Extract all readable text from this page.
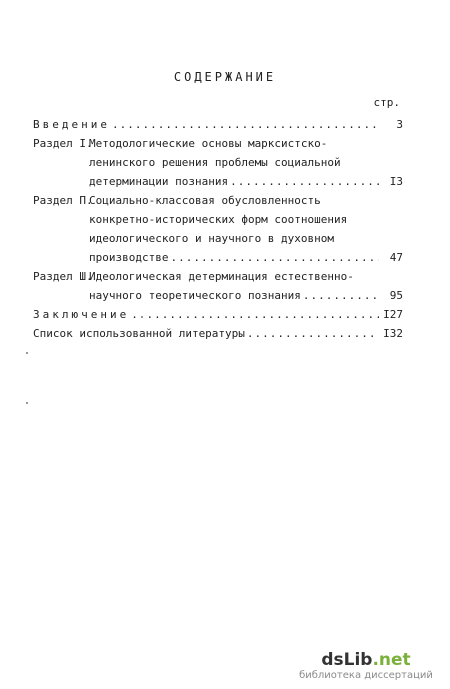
СОДЕРЖАНИЕ
стр.
Введение .....	3
Раздел I.
Методологические основы марксистско-
ленинского решения проблемы социальной
детерминации познания .....	I3
Раздел П.
Социально-классовая обусловленность
конкретно-исторических форм соотношения
идеологического и научного в духовном
производстве .....	47
Раздел Ш.
Идеологическая детерминация естественно-
научного теоретического познания .....	95
Заключение .....	I27
Список использованной литературы .....	I32
dsLib.net
библиотека диссертаций
